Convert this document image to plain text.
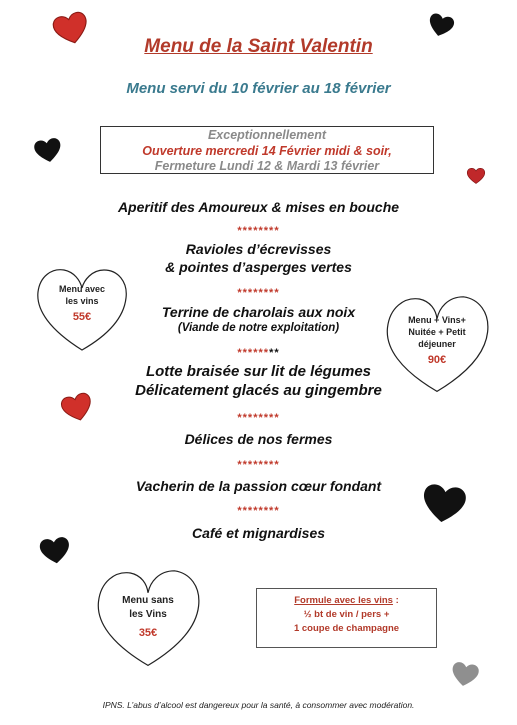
Menu avec
les vins
55€	Menu + Vins+
Nuitée + Petit
déjeuner
90€
Menu sans
les Vins
35€
Menu de la Saint Valentin
Menu servi du 10 février au 18 février
Exceptionnellement
Ouverture mercredi 14 Février midi & soir,
Fermeture Lundi 12 & Mardi 13 février
Aperitif des Amoureux & mises en bouche
********
Ravioles d’écrevisses
& pointes d’asperges vertes
********
Terrine de charolais aux noix
(Viande de notre exploitation)
********
Lotte braisée sur lit de légumes
Délicatement glacés au gingembre
********
Délices de nos fermes
********
Vacherin de la passion cœur fondant
********
Café et mignardises
Formule avec les vins :
½ bt de vin / pers +
1 coupe de champagne
IPNS. L’abus d’alcool est dangereux pour la santé, à consommer avec modération.
